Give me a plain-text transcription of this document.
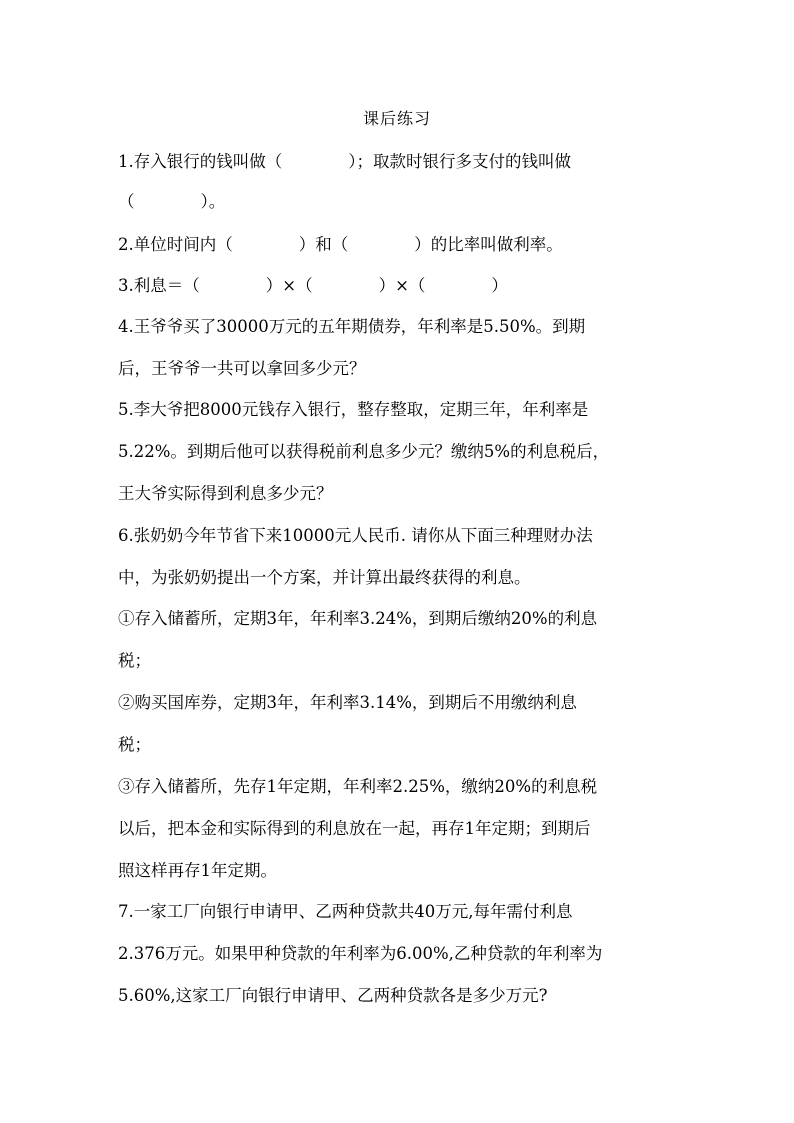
课后练习
1.存入银行的钱叫做（　　　　）；取款时银行多支付的钱叫做
（　　　　）。
2.单位时间内（　　　　）和（　　　　）的比率叫做利率。
3.利息＝（　　　　）×（　　　　）×（　　　　）
4.王爷爷买了30000万元的五年期债券，年利率是5.50%。到期
后，王爷爷一共可以拿回多少元？
5.李大爷把8000元钱存入银行，整存整取，定期三年，年利率是
5.22%。到期后他可以获得税前利息多少元？缴纳5%的利息税后，
王大爷实际得到利息多少元？
6.张奶奶今年节省下来10000元人民币. 请你从下面三种理财办法
中，为张奶奶提出一个方案，并计算出最终获得的利息。
①存入储蓄所，定期3年，年利率3.24%，到期后缴纳20%的利息
税；
②购买国库券，定期3年，年利率3.14%，到期后不用缴纳利息
税；
③存入储蓄所，先存1年定期，年利率2.25%，缴纳20%的利息税
以后，把本金和实际得到的利息放在一起，再存1年定期；到期后
照这样再存1年定期。
7.一家工厂向银行申请甲、乙两种贷款共40万元,每年需付利息
2.376万元。如果甲种贷款的年利率为6.00%,乙种贷款的年利率为
5.60%,这家工厂向银行申请甲、乙两种贷款各是多少万元?
